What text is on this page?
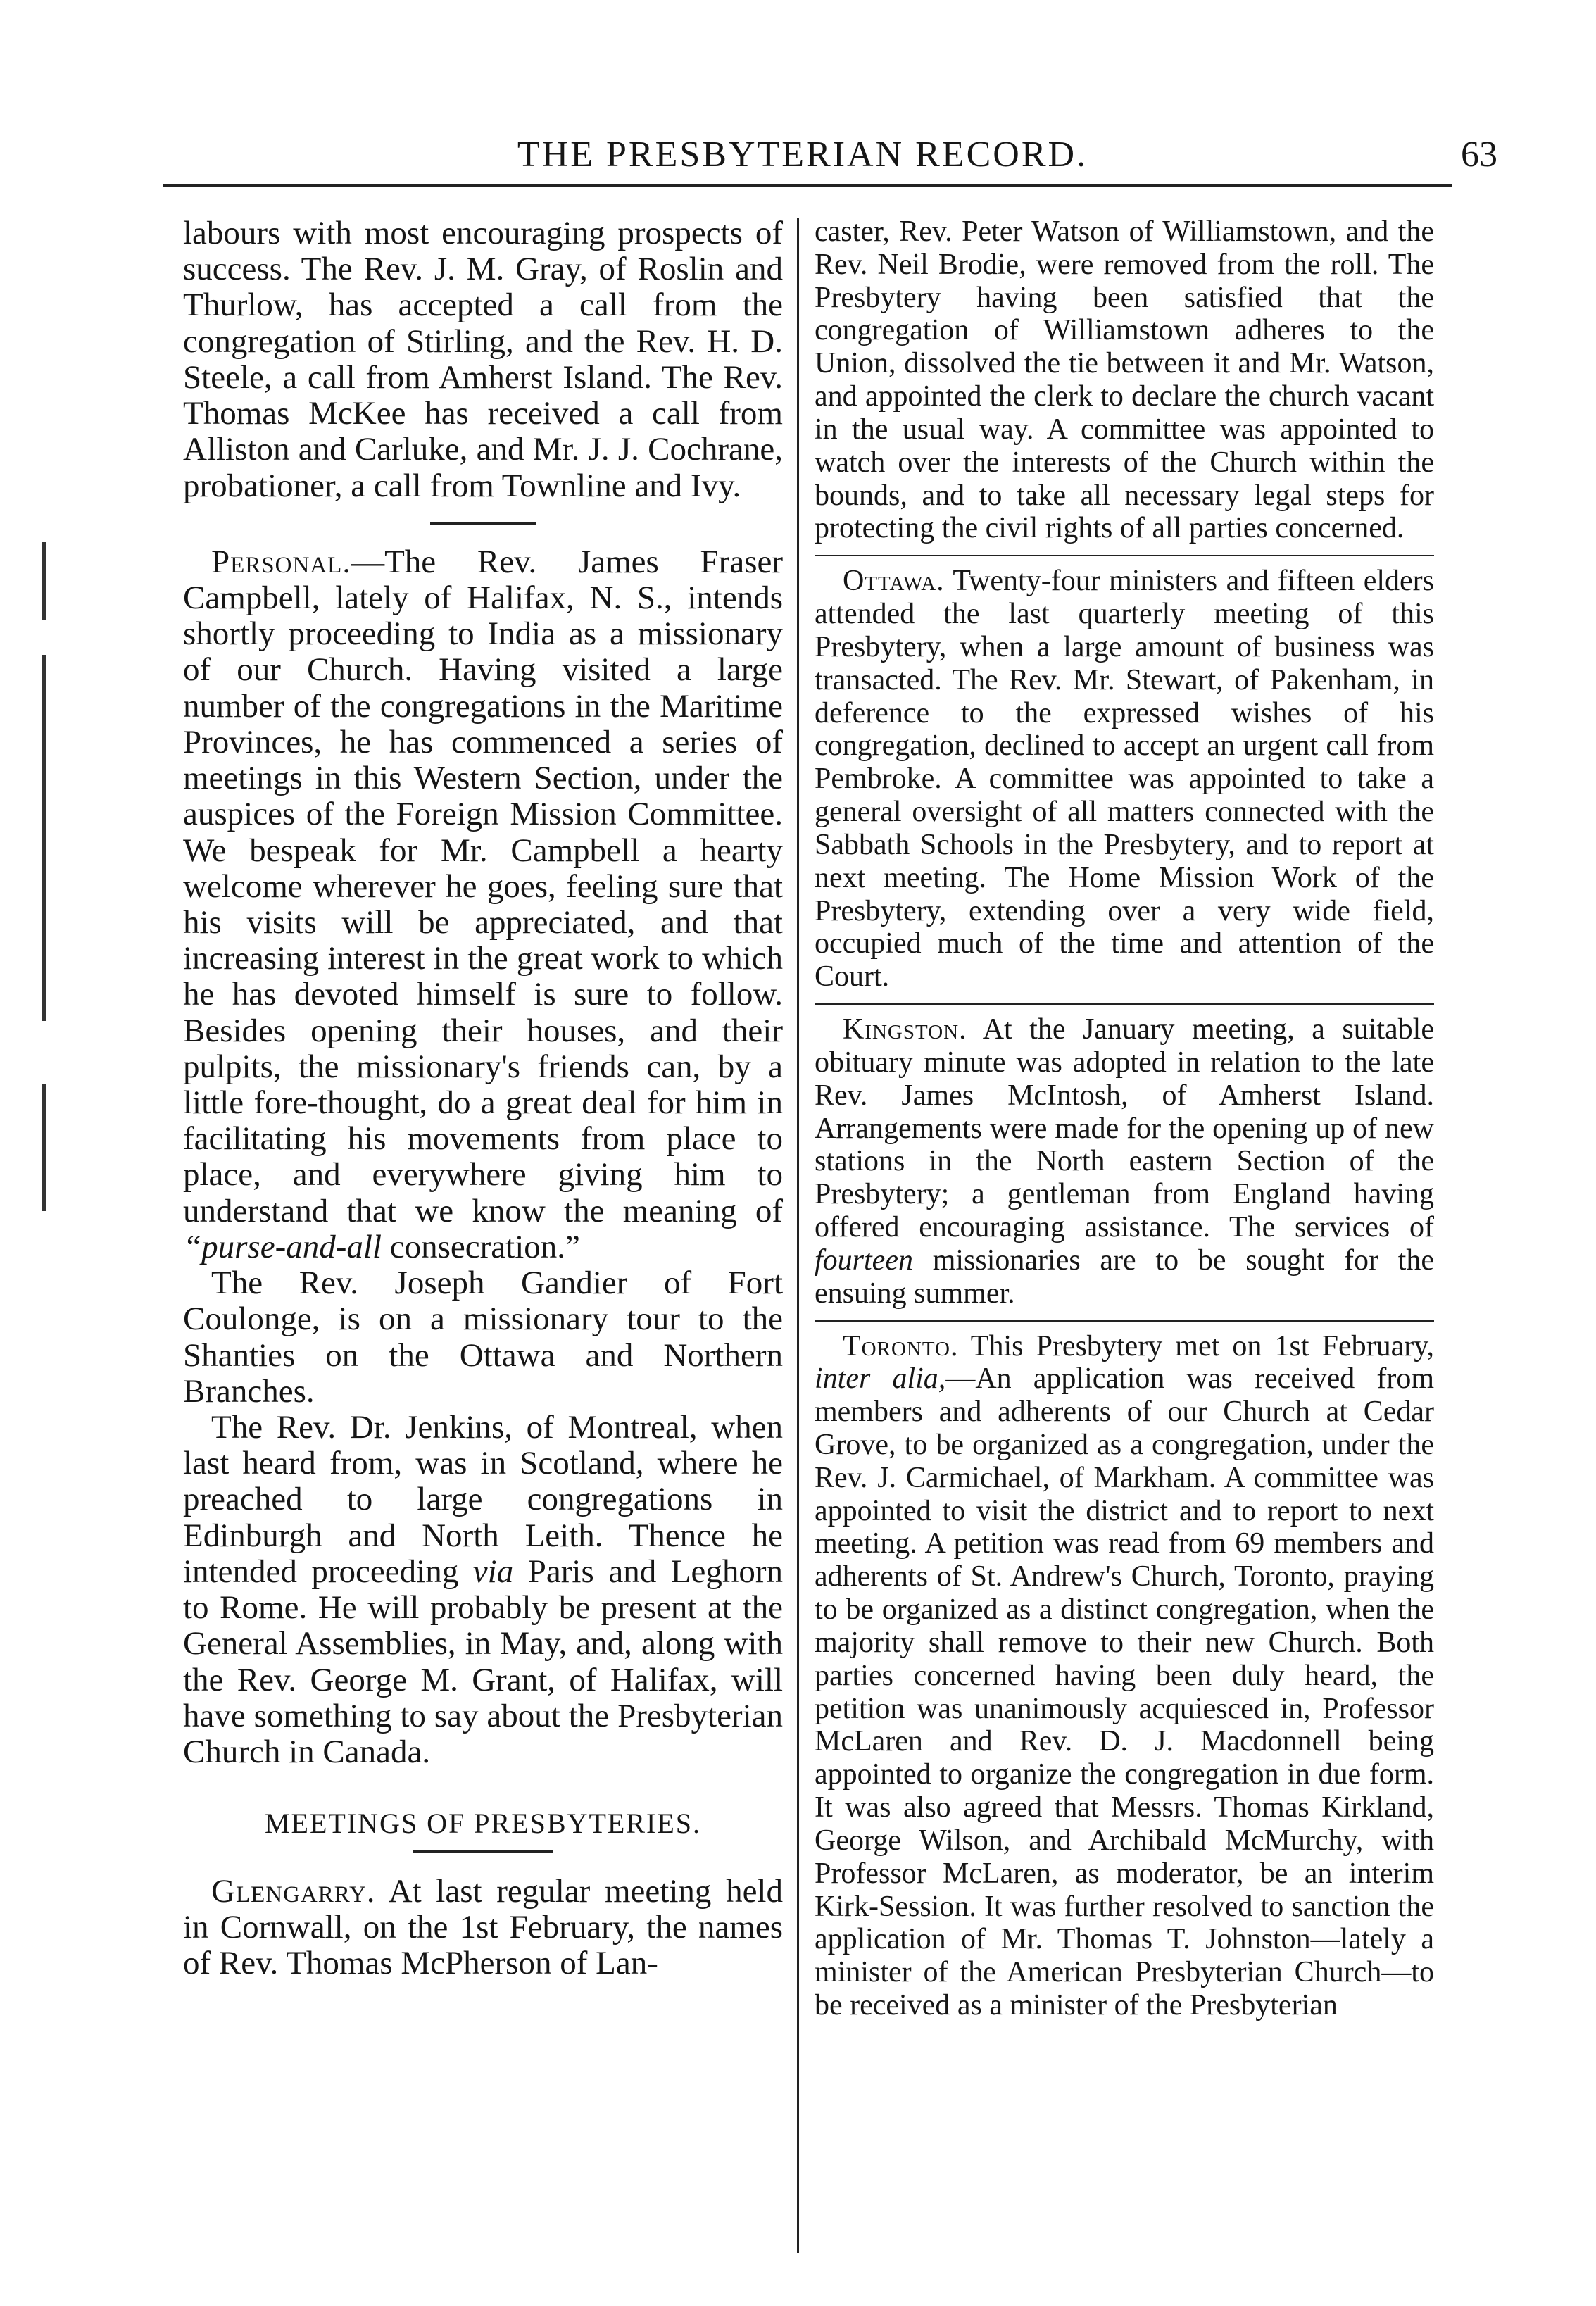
THE PRESBYTERIAN RECORD.	63

labours with most encouraging prospects of success. The Rev. J. M. Gray, of Roslin and Thurlow, has accepted a call from the congregation of Stirling, and the Rev. H. D. Steele, a call from Amherst Island. The Rev. Thomas McKee has received a call from Alliston and Carluke, and Mr. J. J. Cochrane, probationer, a call from Townline and Ivy.

Personal.—The Rev. James Fraser Campbell, lately of Halifax, N. S., intends shortly proceeding to India as a missionary of our Church. Having visited a large number of the congregations in the Maritime Provinces, he has commenced a series of meetings in this Western Section, under the auspices of the Foreign Mission Committee. We bespeak for Mr. Campbell a hearty welcome wherever he goes, feeling sure that his visits will be appreciated, and that increasing interest in the great work to which he has devoted himself is sure to follow. Besides opening their houses, and their pulpits, the missionary's friends can, by a little fore-thought, do a great deal for him in facilitating his movements from place to place, and everywhere giving him to understand that we know the meaning of “purse-and-all consecration.”

The Rev. Joseph Gandier of Fort Coulonge, is on a missionary tour to the Shanties on the Ottawa and Northern Branches.

The Rev. Dr. Jenkins, of Montreal, when last heard from, was in Scotland, where he preached to large congregations in Edinburgh and North Leith. Thence he intended proceeding via Paris and Leghorn to Rome. He will probably be present at the General Assemblies, in May, and, along with the Rev. George M. Grant, of Halifax, will have something to say about the Presbyterian Church in Canada.

MEETINGS OF PRESBYTERIES.

Glengarry. At last regular meeting held in Cornwall, on the 1st February, the names of Rev. Thomas McPherson of Lan-

caster, Rev. Peter Watson of Williamstown, and the Rev. Neil Brodie, were removed from the roll. The Presbytery having been satisfied that the congregation of Williamstown adheres to the Union, dissolved the tie between it and Mr. Watson, and appointed the clerk to declare the church vacant in the usual way. A committee was appointed to watch over the interests of the Church within the bounds, and to take all necessary legal steps for protecting the civil rights of all parties concerned.

Ottawa. Twenty-four ministers and fifteen elders attended the last quarterly meeting of this Presbytery, when a large amount of business was transacted. The Rev. Mr. Stewart, of Pakenham, in deference to the expressed wishes of his congregation, declined to accept an urgent call from Pembroke. A committee was appointed to take a general oversight of all matters connected with the Sabbath Schools in the Presbytery, and to report at next meeting. The Home Mission Work of the Presbytery, extending over a very wide field, occupied much of the time and attention of the Court.

Kingston. At the January meeting, a suitable obituary minute was adopted in relation to the late Rev. James McIntosh, of Amherst Island. Arrangements were made for the opening up of new stations in the North eastern Section of the Presbytery; a gentleman from England having offered encouraging assistance. The services of fourteen missionaries are to be sought for the ensuing summer.

Toronto. This Presbytery met on 1st February, inter alia,—An application was received from members and adherents of our Church at Cedar Grove, to be organized as a congregation, under the Rev. J. Carmichael, of Markham. A committee was appointed to visit the district and to report to next meeting. A petition was read from 69 members and adherents of St. Andrew's Church, Toronto, praying to be organized as a distinct congregation, when the majority shall remove to their new Church. Both parties concerned having been duly heard, the petition was unanimously acquiesced in, Professor McLaren and Rev. D. J. Macdonnell being appointed to organize the congregation in due form. It was also agreed that Messrs. Thomas Kirkland, George Wilson, and Archibald McMurchy, with Professor McLaren, as moderator, be an interim Kirk-Session. It was further resolved to sanction the application of Mr. Thomas T. Johnston—lately a minister of the American Presbyterian Church—to be received as a minister of the Presbyterian
